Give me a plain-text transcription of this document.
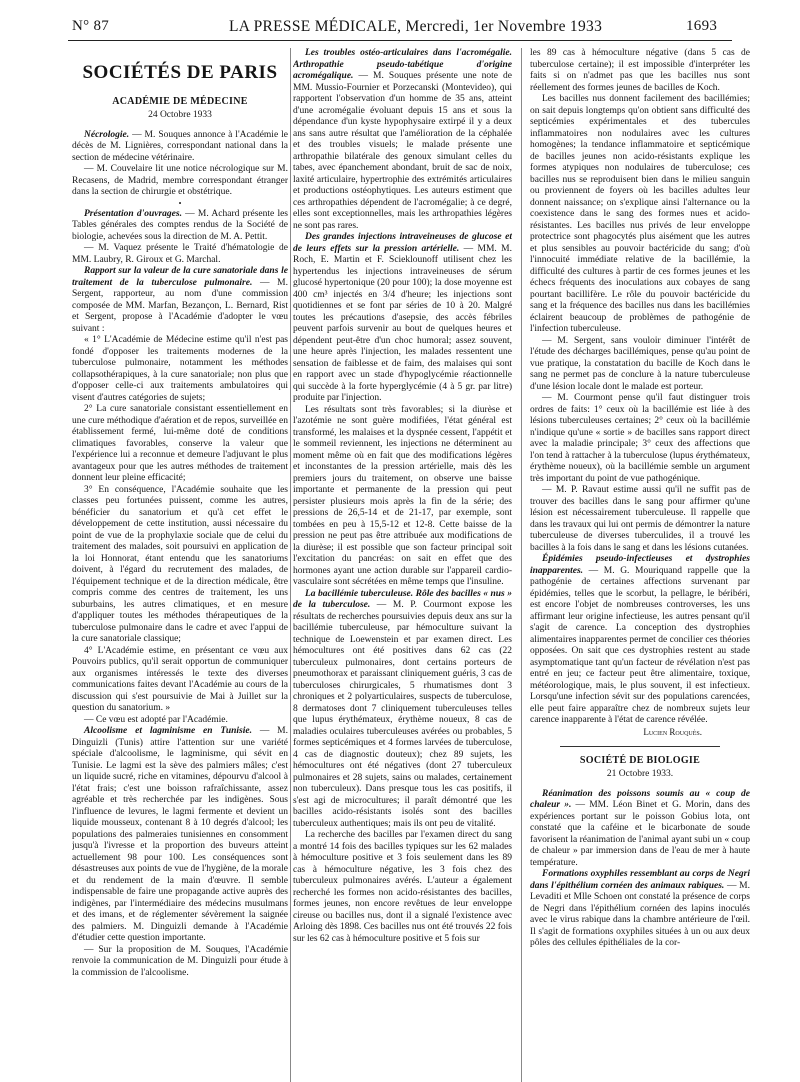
N° 87	LA PRESSE MÉDICALE, Mercredi, 1er Novembre 1933	1693
SOCIÉTÉS DE PARIS
ACADÉMIE DE MÉDECINE
24 Octobre 1933

Nécrologie. — M. Souques annonce à l'Académie le décès de M. Lignières, correspondant national dans la section de médecine vétérinaire.

— M. Couvelaire lit une notice nécrologique sur M. Recasens, de Madrid, membre correspondant étranger dans la section de chirurgie et obstétrique.

•

Présentation d'ouvrages. — M. Achard présente les Tables générales des comptes rendus de la Société de biologie, achevées sous la direction de M. A. Pettit.

— M. Vaquez présente le Traité d'hématologie de MM. Laubry, R. Giroux et G. Marchal.

Rapport sur la valeur de la cure sanatoriale dans le traitement de la tuberculose pulmonaire. — M. Sergent, rapporteur, au nom d'une commission composée de MM. Marfan, Bezançon, L. Bernard, Rist et Sergent, propose à l'Académie d'adopter le vœu suivant :

« 1° L'Académie de Médecine estime qu'il n'est pas fondé d'opposer les traitements modernes de la tuberculose pulmonaire, notamment les méthodes collapsothérapiques, à la cure sanatoriale; non plus que d'opposer celle-ci aux traitements ambulatoires qui visent d'autres catégories de sujets;

2° La cure sanatoriale consistant essentiellement en une cure méthodique d'aération et de repos, surveillée en établissement fermé, lui-même doté de conditions climatiques favorables, conserve la valeur que l'expérience lui a reconnue et demeure l'adjuvant le plus avantageux pour que les autres méthodes de traitement donnent leur pleine efficacité;

3° En conséquence, l'Académie souhaite que les classes peu fortunées puissent, comme les autres, bénéficier du sanatorium et qu'à cet effet le développement de cette institution, aussi nécessaire du point de vue de la prophylaxie sociale que de celui du traitement des malades, soit poursuivi en application de la loi Honnorat, étant entendu que les sanatoriums doivent, à l'égard du recrutement des malades, de l'équipement technique et de la direction médicale, être compris comme des centres de traitement, les uns suburbains, les autres climatiques, et en mesure d'appliquer toutes les méthodes thérapeutiques de la tuberculose pulmonaire dans le cadre et avec l'appui de la cure sanatoriale classique;

4° L'Académie estime, en présentant ce vœu aux Pouvoirs publics, qu'il serait opportun de communiquer aux organismes intéressés le texte des diverses communications faites devant l'Académie au cours de la discussion qui s'est poursuivie de Mai à Juillet sur la question du sanatorium. »

— Ce vœu est adopté par l'Académie.

Alcoolisme et lagminisme en Tunisie. — M. Dinguizli (Tunis) attire l'attention sur une variété spéciale d'alcoolisme, le lagminisme, qui sévit en Tunisie. Le lagmi est la sève des palmiers mâles; c'est un liquide sucré, riche en vitamines, dépourvu d'alcool à l'état frais; c'est une boisson rafraîchissante, assez agréable et très recherchée par les indigènes. Sous l'influence de levures, le lagmi fermente et devient un liquide mousseux, contenant 8 à 10 degrés d'alcool; les populations des palmeraies tunisiennes en consomment jusqu'à l'ivresse et la proportion des buveurs atteint actuellement 98 pour 100. Les conséquences sont désastreuses aux points de vue de l'hygiène, de la morale et du rendement de la main d'œuvre. Il semble indispensable de faire une propagande active auprès des indigènes, par l'intermédiaire des médecins musulmans et des imans, et de réglementer sévèrement la saignée des palmiers. M. Dinguizli demande à l'Académie d'étudier cette question importante.

— Sur la proposition de M. Souques, l'Académie renvoie la communication de M. Dinguizli pour étude à la commission de l'alcoolisme.

Les troubles ostéo-articulaires dans l'acromégalie. Arthropathie pseudo-tabétique d'origine acromégalique. — M. Souques présente une note de MM. Mussio-Fournier et Porzecanski (Montevideo), qui rapportent l'observation d'un homme de 35 ans, atteint d'une acromégalie évoluant depuis 15 ans et sous la dépendance d'un kyste hypophysaire extirpé il y a deux ans sans autre résultat que l'amélioration de la céphalée et des troubles visuels; le malade présente une arthropathie bilatérale des genoux simulant celles du tabes, avec épanchement abondant, bruit de sac de noix, laxité articulaire, hypertrophie des extrémités articulaires et productions ostéophytiques. Les auteurs estiment que ces arthropathies dépendent de l'acromégalie; à ce degré, elles sont exceptionnelles, mais les arthropathies légères ne sont pas rares.

Des grandes injections intraveineuses de glucose et de leurs effets sur la pression artérielle. — MM. M. Roch, E. Martin et F. Scieklounoff utilisent chez les hypertendus les injections intraveineuses de sérum glucosé hypertonique (20 pour 100); la dose moyenne est 400 cm³ injectés en 3/4 d'heure; les injections sont quotidiennes et se font par séries de 10 à 20. Malgré toutes les précautions d'asepsie, des accès fébriles peuvent parfois survenir au bout de quelques heures et dépendent peut-être d'un choc humoral; assez souvent, une heure après l'injection, les malades ressentent une sensation de faiblesse et de faim, des malaises qui sont en rapport avec un stade d'hypoglycémie réactionnelle qui succède à la forte hyperglycémie (4 à 5 gr. par litre) produite par l'injection.

Les résultats sont très favorables; si la diurèse et l'azotémie ne sont guère modifiées, l'état général est transformé, les malaises et la dyspnée cessent, l'appétit et le sommeil reviennent, les injections ne déterminent au moment même où en fait que des modifications légères et inconstantes de la pression artérielle, mais dès les premiers jours du traitement, on observe une baisse importante et permanente de la pression qui peut persister plusieurs mois après la fin de la série; des pressions de 26,5-14 et de 21-17, par exemple, sont tombées en peu à 15,5-12 et 12-8. Cette baisse de la pression ne peut pas être attribuée aux modifications de la diurèse; il est possible que son facteur principal soit l'excitation du pancréas: on sait en effet que des hormones ayant une action durable sur l'appareil cardio-vasculaire sont sécrétées en même temps que l'insuline.

La bacillémie tuberculeuse. Rôle des bacilles « nus » de la tuberculose. — M. P. Courmont expose les résultats de recherches poursuivies depuis deux ans sur la bacillémie tuberculeuse, par hémoculture suivant la technique de Loewenstein et par examen direct. Les hémocultures ont été positives dans 62 cas (22 tuberculeux pulmonaires, dont certains porteurs de pneumothorax et paraissant cliniquement guéris, 3 cas de tuberculoses chirurgicales, 5 rhumatismes dont 3 chroniques et 2 polyarticulaires, suspects de tuberculose, 8 dermatoses dont 7 cliniquement tuberculeuses telles que lupus érythémateux, érythème noueux, 8 cas de maladies oculaires tuberculeuses avérées ou probables, 5 formes septicémiques et 4 formes larvées de tuberculose, 4 cas de diagnostic douteux); chez 89 sujets, les hémocultures ont été négatives (dont 27 tuberculeux pulmonaires et 28 sujets, sains ou malades, certainement non tuberculeux). Dans presque tous les cas positifs, il s'est agi de microcultures; il paraît démontré que les bacilles acido-résistants isolés sont des bacilles tuberculeux authentiques; mais ils ont peu de vitalité.

La recherche des bacilles par l'examen direct du sang a montré 14 fois des bacilles typiques sur les 62 malades à hémoculture positive et 3 fois seulement dans les 89 cas à hémoculture négative, les 3 fois chez des tuberculeux pulmonaires avérés. L'auteur a également recherché les formes non acido-résistantes des bacilles, formes jeunes, non encore revêtues de leur enveloppe cireuse ou bacilles nus, dont il a signalé l'existence avec Arloing dès 1898. Ces bacilles nus ont été trouvés 22 fois sur les 62 cas à hémoculture positive et 5 fois sur

les 89 cas à hémoculture négative (dans 5 cas de tuberculose certaine); il est impossible d'interpréter les faits si on n'admet pas que les bacilles nus sont réellement des formes jeunes de bacilles de Koch.

Les bacilles nus donnent facilement des bacillémies; on sait depuis longtemps qu'on obtient sans difficulté des septicémies expérimentales et des tubercules inflammatoires non nodulaires avec les cultures homogènes; la tendance inflammatoire et septicémique de bacilles jeunes non acido-résistants explique les formes atypiques non nodulaires de tuberculose; ces bacilles nus se reproduisent bien dans le milieu sanguin ou proviennent de foyers où les bacilles adultes leur donnent naissance; on s'explique ainsi l'alternance ou la coexistence dans le sang des formes nues et acido-résistantes. Les bacilles nus privés de leur enveloppe protectrice sont phagocytés plus aisément que les autres et plus sensibles au pouvoir bactéricide du sang; d'où l'innocuité immédiate relative de la bacillémie, la difficulté des cultures à partir de ces formes jeunes et les échecs fréquents des inoculations aux cobayes de sang pourtant bacillifère. Le rôle du pouvoir bactéricide du sang et la fréquence des bacilles nus dans les bacillémies éclairent beaucoup de problèmes de pathogénie de l'infection tuberculeuse.

— M. Sergent, sans vouloir diminuer l'intérêt de l'étude des décharges bacillémiques, pense qu'au point de vue pratique, la constatation du bacille de Koch dans le sang ne permet pas de conclure à la nature tuberculeuse d'une lésion locale dont le malade est porteur.

— M. Courmont pense qu'il faut distinguer trois ordres de faits: 1° ceux où la bacillémie est liée à des lésions tuberculeuses certaines; 2° ceux où la bacillémie n'indique qu'une « sortie » de bacilles sans rapport direct avec la maladie principale; 3° ceux des affections que l'on tend à rattacher à la tuberculose (lupus érythémateux, érythème noueux), où la bacillémie semble un argument très important du point de vue pathogénique.

— M. P. Ravaut estime aussi qu'il ne suffit pas de trouver des bacilles dans le sang pour affirmer qu'une lésion est nécessairement tuberculeuse. Il rappelle que dans les travaux qui lui ont permis de démontrer la nature tuberculeuse de diverses tuberculides, il a trouvé les bacilles à la fois dans le sang et dans les lésions cutanées.

Épidémies pseudo-infectieuses et dystrophies inapparentes. — M. G. Mouriquand rappelle que la pathogénie de certaines affections survenant par épidémies, telles que le scorbut, la pellagre, le béribéri, est encore l'objet de nombreuses controverses, les uns affirmant leur origine infectieuse, les autres pensant qu'il s'agit de carence. La conception des dystrophies alimentaires inapparentes permet de concilier ces théories opposées. On sait que ces dystrophies restent au stade asymptomatique tant qu'un facteur de révélation n'est pas entré en jeu; ce facteur peut être alimentaire, toxique, météorologique, mais, le plus souvent, il est infectieux. Lorsqu'une infection sévit sur des populations carencées, elle peut faire apparaître chez de nombreux sujets leur carence inapparente à l'état de carence révélée.

Lucien Rouquès.
SOCIÉTÉ DE BIOLOGIE
21 Octobre 1933.

Réanimation des poissons soumis au « coup de chaleur ». — MM. Léon Binet et G. Morin, dans des expériences portant sur le poisson Gobius lota, ont constaté que la caféine et le bicarbonate de soude favorisent la réanimation de l'animal ayant subi un « coup de chaleur » par immersion dans de l'eau de mer à haute température.

Formations oxyphiles ressemblant au corps de Negri dans l'épithélium cornéen des animaux rabiques. — M. Levaditi et Mlle Schoen ont constaté la présence de corps de Negri dans l'épithélium cornéen des lapins inoculés avec le virus rabique dans la chambre antérieure de l'œil. Il s'agit de formations oxyphiles situées à un ou aux deux pôles des cellules épithéliales de la cor-
